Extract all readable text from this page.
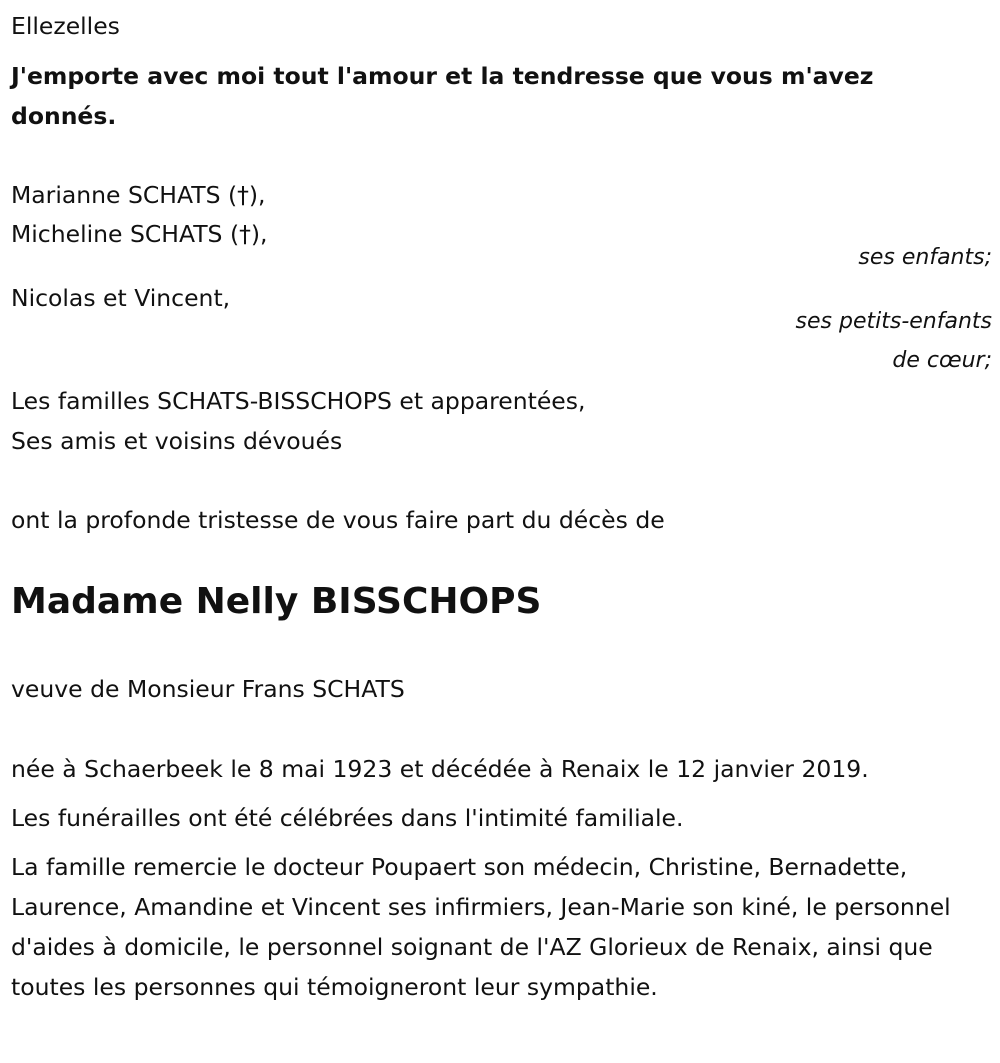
Ellezelles
J'emporte avec moi tout l'amour et la tendresse que vous m'avez donnés.
Marianne SCHATS (†),
Micheline SCHATS (†),
ses enfants;
Nicolas et Vincent,
ses petits-enfants
de cœur;
Les familles SCHATS-BISSCHOPS et apparentées,
Ses amis et voisins dévoués
ont la profonde tristesse de vous faire part du décès de
Madame Nelly BISSCHOPS
veuve de Monsieur Frans SCHATS
née à Schaerbeek le 8 mai 1923 et décédée à Renaix le 12 janvier 2019.
Les funérailles ont été célébrées dans l'intimité familiale.
La famille remercie le docteur Poupaert son médecin, Christine, Bernadette, Laurence, Amandine et Vincent ses infirmiers, Jean-Marie son kiné, le personnel d'aides à domicile, le personnel soignant de l'AZ Glorieux de Renaix, ainsi que toutes les personnes qui témoigneront leur sympathie.
